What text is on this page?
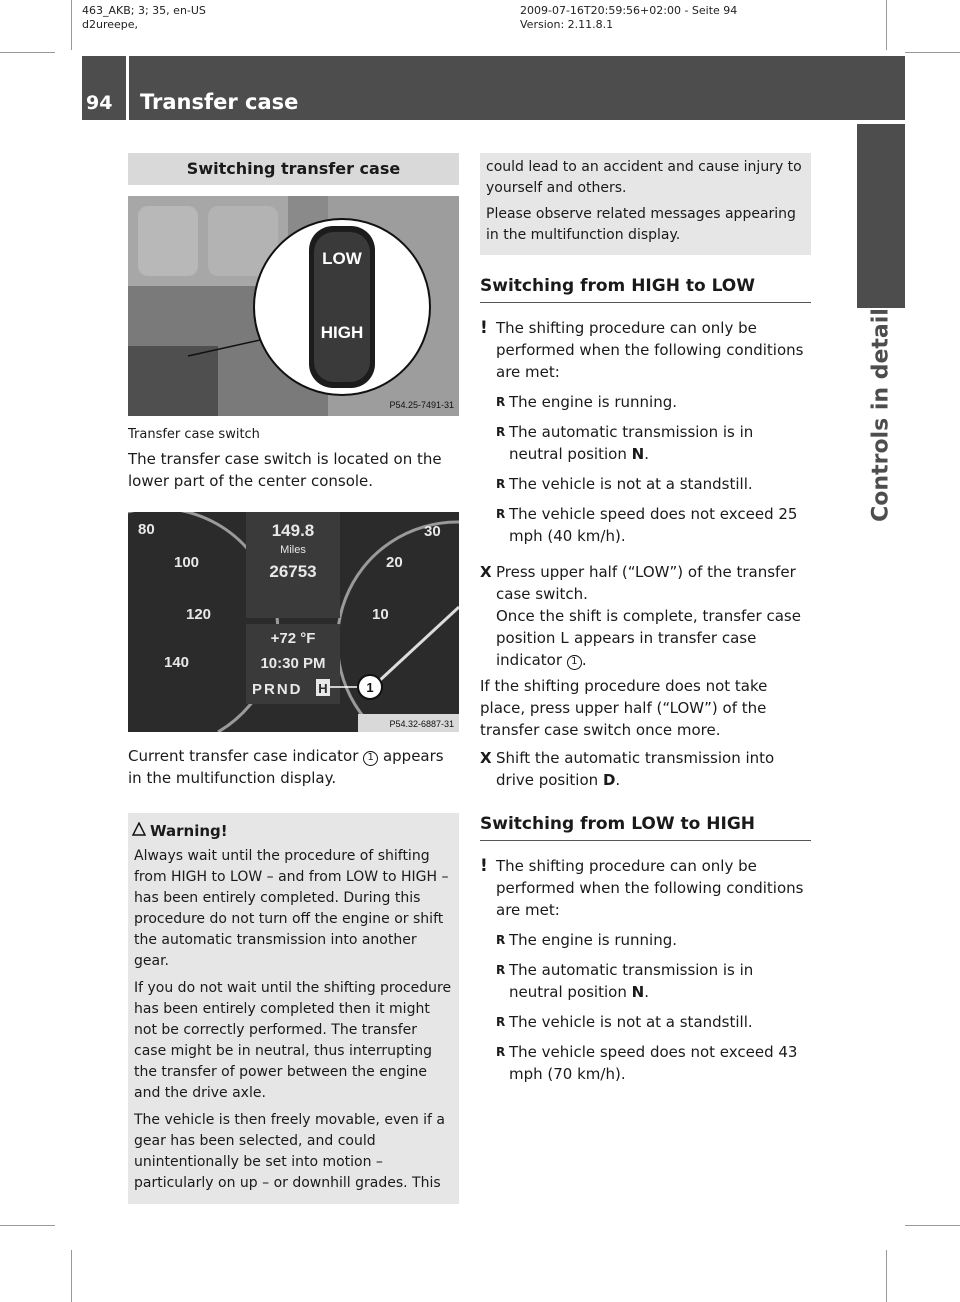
463_AKB; 3; 35, en-US
d2ureepe,
2009-07-16T20:59:56+02:00 - Seite 94
Version: 2.11.8.1
94 Transfer case
Controls in detail
Switching transfer case
LOW
HIGH
P54.25-7491-31
Transfer case switch

The transfer case switch is located on the lower part of the center console.

80
100
120
140
30
20
10
149.8
Miles
26753
+72 °F
10:30 PM
PRND H	1
P54.32-6887-31

Current transfer case indicator 1 appears in the multifunction display.

Warning!

Always wait until the procedure of shifting from HIGH to LOW – and from LOW to HIGH – has been entirely completed. During this procedure do not turn off the engine or shift the automatic transmission into another gear.

If you do not wait until the shifting procedure has been entirely completed then it might not be correctly performed. The transfer case might be in neutral, thus interrupting the transfer of power between the engine and the drive axle.

The vehicle is then freely movable, even if a gear has been selected, and could unintentionally be set into motion – particularly on up – or downhill grades. This

could lead to an accident and cause injury to yourself and others.

Please observe related messages appearing in the multifunction display.

Switching from HIGH to LOW
! The shifting procedure can only be performed when the following conditions are met:
R The engine is running.
R The automatic transmission is in neutral position N.
R The vehicle is not at a standstill.
R The vehicle speed does not exceed 25 mph (40 km/h).
X Press upper half (“LOW”) of the transfer case switch.
Once the shift is complete, transfer case position L appears in transfer case indicator 1 .

If the shifting procedure does not take place, press upper half (“LOW”) of the transfer case switch once more.

X Shift the automatic transmission into drive position D.
Switching from LOW to HIGH
! The shifting procedure can only be performed when the following conditions are met:
R The engine is running.
R The automatic transmission is in neutral position N.
R The vehicle is not at a standstill.
R The vehicle speed does not exceed 43 mph (70 km/h).
